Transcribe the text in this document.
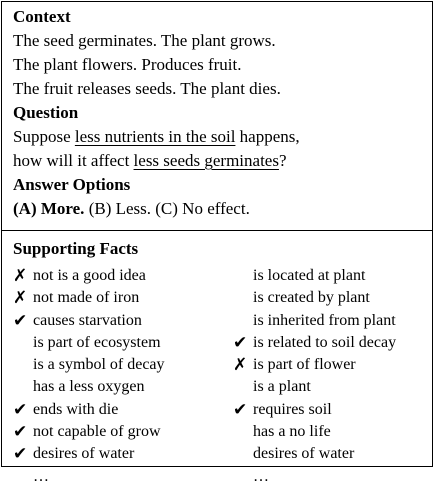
Context
The seed germinates. The plant grows.
The plant flowers. Produces fruit.
The fruit releases seeds. The plant dies.
Question
Suppose less nutrients in the soil happens,
how will it affect less seeds germinates?
Answer Options
(A) More. (B) Less. (C) No effect.
Supporting Facts
✗ not is a good idea
✗ not made of iron
✔ causes starvation
is part of ecosystem
is a symbol of decay
has a less oxygen
✔ ends with die
✔ not capable of grow
✔ desires of water
…
is located at plant
is created by plant
is inherited from plant
✔ is related to soil decay
✗ is part of flower
is a plant
✔ requires soil
has a no life
desires of water
…
